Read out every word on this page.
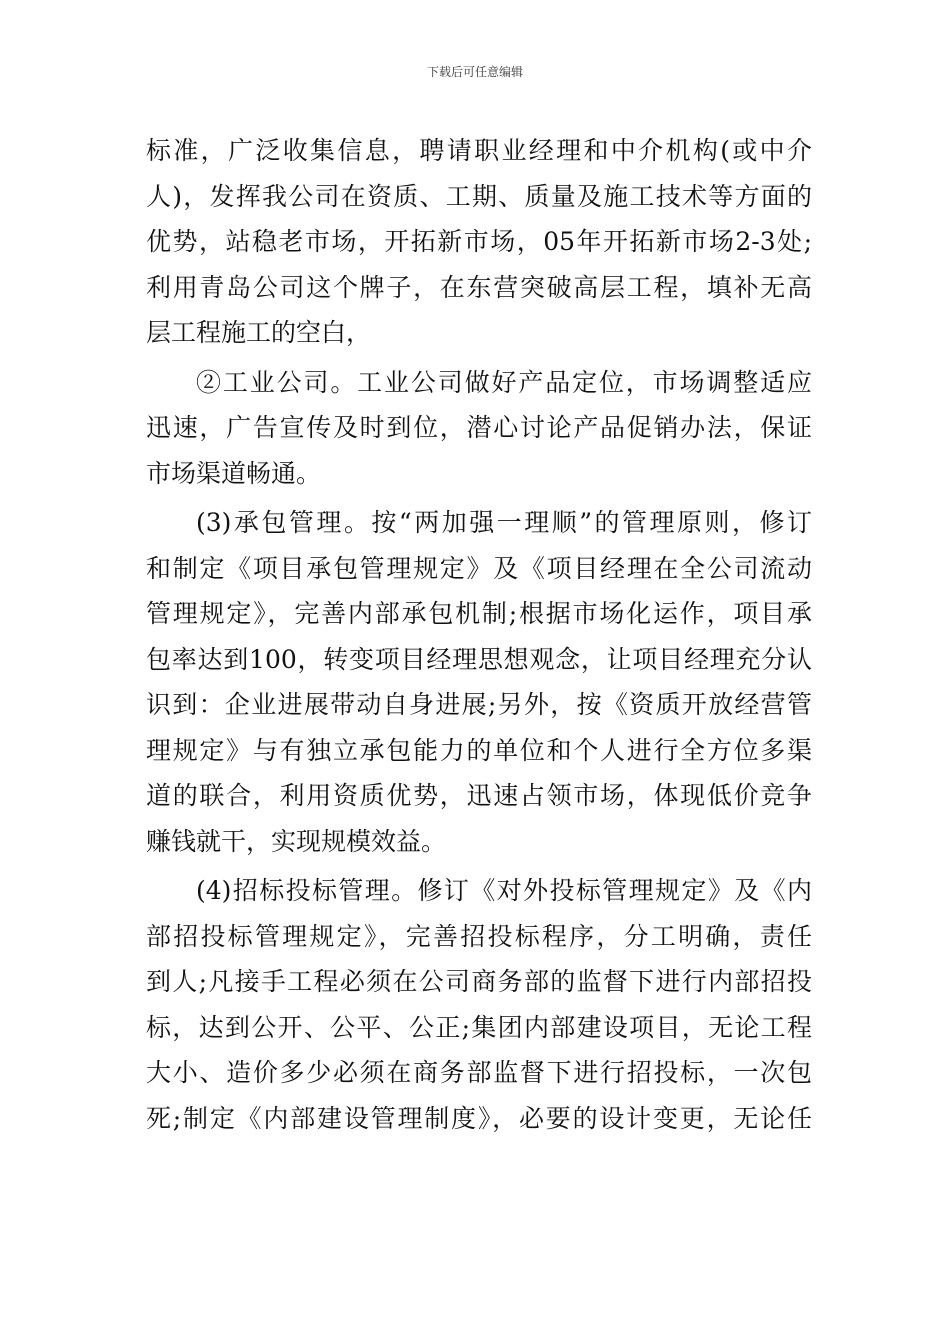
下载后可任意编辑
标准，广泛收集信息，聘请职业经理和中介机构(或中介
人)，发挥我公司在资质、工期、质量及施工技术等方面的
优势，站稳老市场，开拓新市场，05年开拓新市场2-3处;
利用青岛公司这个牌子，在东营突破高层工程，填补无高
层工程施工的空白，
②工业公司。工业公司做好产品定位，市场调整适应
迅速，广告宣传及时到位，潜心讨论产品促销办法，保证
市场渠道畅通。
(3)承包管理。按“两加强一理顺”的管理原则，修订
和制定《项目承包管理规定》及《项目经理在全公司流动
管理规定》，完善内部承包机制;根据市场化运作，项目承
包率达到100，转变项目经理思想观念，让项目经理充分认
识到：企业进展带动自身进展;另外，按《资质开放经营管
理规定》与有独立承包能力的单位和个人进行全方位多渠
道的联合，利用资质优势，迅速占领市场，体现低价竞争
赚钱就干，实现规模效益。
(4)招标投标管理。修订《对外投标管理规定》及《内
部招投标管理规定》，完善招投标程序，分工明确，责任
到人;凡接手工程必须在公司商务部的监督下进行内部招投
标，达到公开、公平、公正;集团内部建设项目，无论工程
大小、造价多少必须在商务部监督下进行招投标，一次包
死;制定《内部建设管理制度》，必要的设计变更，无论任
